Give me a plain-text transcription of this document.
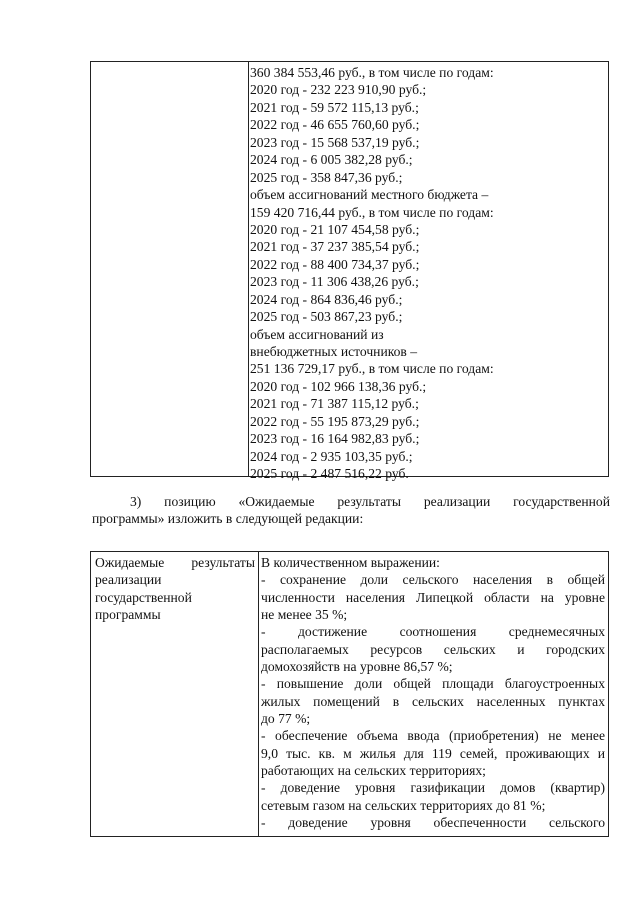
360 384 553,46 руб., в том числе по годам:
2020 год - 232 223 910,90 руб.;
2021 год - 59 572 115,13 руб.;
2022 год - 46 655 760,60 руб.;
2023 год - 15 568 537,19 руб.;
2024 год - 6 005 382,28 руб.;
2025 год - 358 847,36 руб.;
объем ассигнований местного бюджета –
159 420 716,44 руб., в том числе по годам:
2020 год - 21 107 454,58 руб.;
2021 год - 37 237 385,54 руб.;
2022 год - 88 400 734,37 руб.;
2023 год - 11 306 438,26 руб.;
2024 год - 864 836,46 руб.;
2025 год - 503 867,23 руб.;
объем ассигнований из
внебюджетных источников –
251 136 729,17 руб., в том числе по годам:
2020 год - 102 966 138,36 руб.;
2021 год - 71 387 115,12 руб.;
2022 год - 55 195 873,29 руб.;
2023 год - 16 164 982,83 руб.;
2024 год - 2 935 103,35 руб.;
2025 год - 2 487 516,22 руб.
3) позицию «Ожидаемые результаты реализации государственной
программы» изложить в следующей редакции:
Ожидаемые результаты
реализации
государственной
программы
В количественном выражении:
- сохранение доли сельского населения в общей
численности населения Липецкой области на уровне
не менее 35 %;
- достижение соотношения среднемесячных
располагаемых ресурсов сельских и городских
домохозяйств на уровне 86,57 %;
- повышение доли общей площади благоустроенных
жилых помещений в сельских населенных пунктах
до 77 %;
- обеспечение объема ввода (приобретения) не менее
9,0 тыс. кв. м жилья для 119 семей, проживающих и
работающих на сельских территориях;
- доведение уровня газификации домов (квартир)
сетевым газом на сельских территориях до 81 %;
- доведение уровня обеспеченности сельского
